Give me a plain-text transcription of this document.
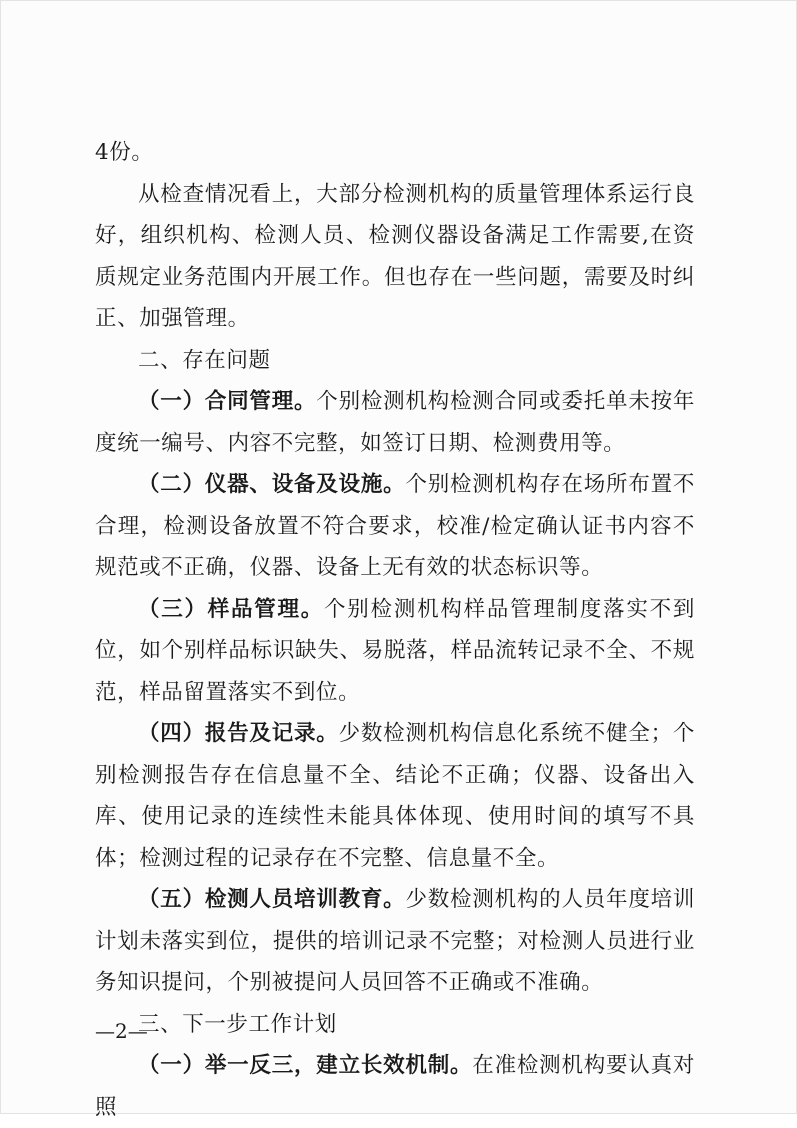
4份。

从检查情况看上，大部分检测机构的质量管理体系运行良好，组织机构、检测人员、检测仪器设备满足工作需要,在资质规定业务范围内开展工作。但也存在一些问题，需要及时纠正、加强管理。

二、存在问题

（一）合同管理。个别检测机构检测合同或委托单未按年度统一编号、内容不完整，如签订日期、检测费用等。

（二）仪器、设备及设施。个别检测机构存在场所布置不合理，检测设备放置不符合要求，校准/检定确认证书内容不规范或不正确，仪器、设备上无有效的状态标识等。

（三）样品管理。个别检测机构样品管理制度落实不到位，如个别样品标识缺失、易脱落，样品流转记录不全、不规范，样品留置落实不到位。

（四）报告及记录。少数检测机构信息化系统不健全；个别检测报告存在信息量不全、结论不正确；仪器、设备出入库、使用记录的连续性未能具体体现、使用时间的填写不具体；检测过程的记录存在不完整、信息量不全。

（五）检测人员培训教育。少数检测机构的人员年度培训计划未落实到位，提供的培训记录不完整；对检测人员进行业务知识提问，个别被提问人员回答不正确或不准确。

三、下一步工作计划

（一）举一反三，建立长效机制。在准检测机构要认真对照

—2—
